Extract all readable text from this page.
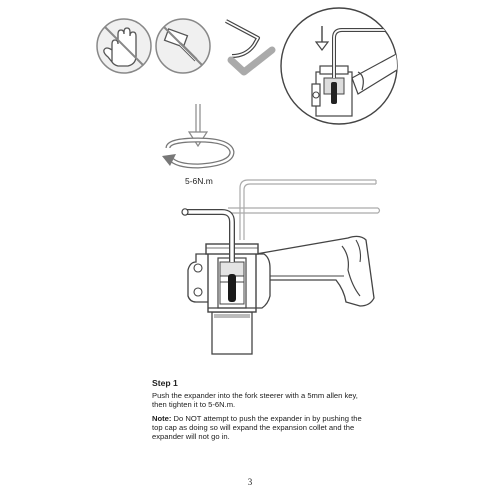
5-6N.m
Step 1
Push the expander into the fork steerer with a 5mm allen key, then tighten it to 5-6N.m.
Note: Do NOT attempt to push the expander in by pushing the top cap as doing so will expand the expansion collet and the expander will not go in.
3
